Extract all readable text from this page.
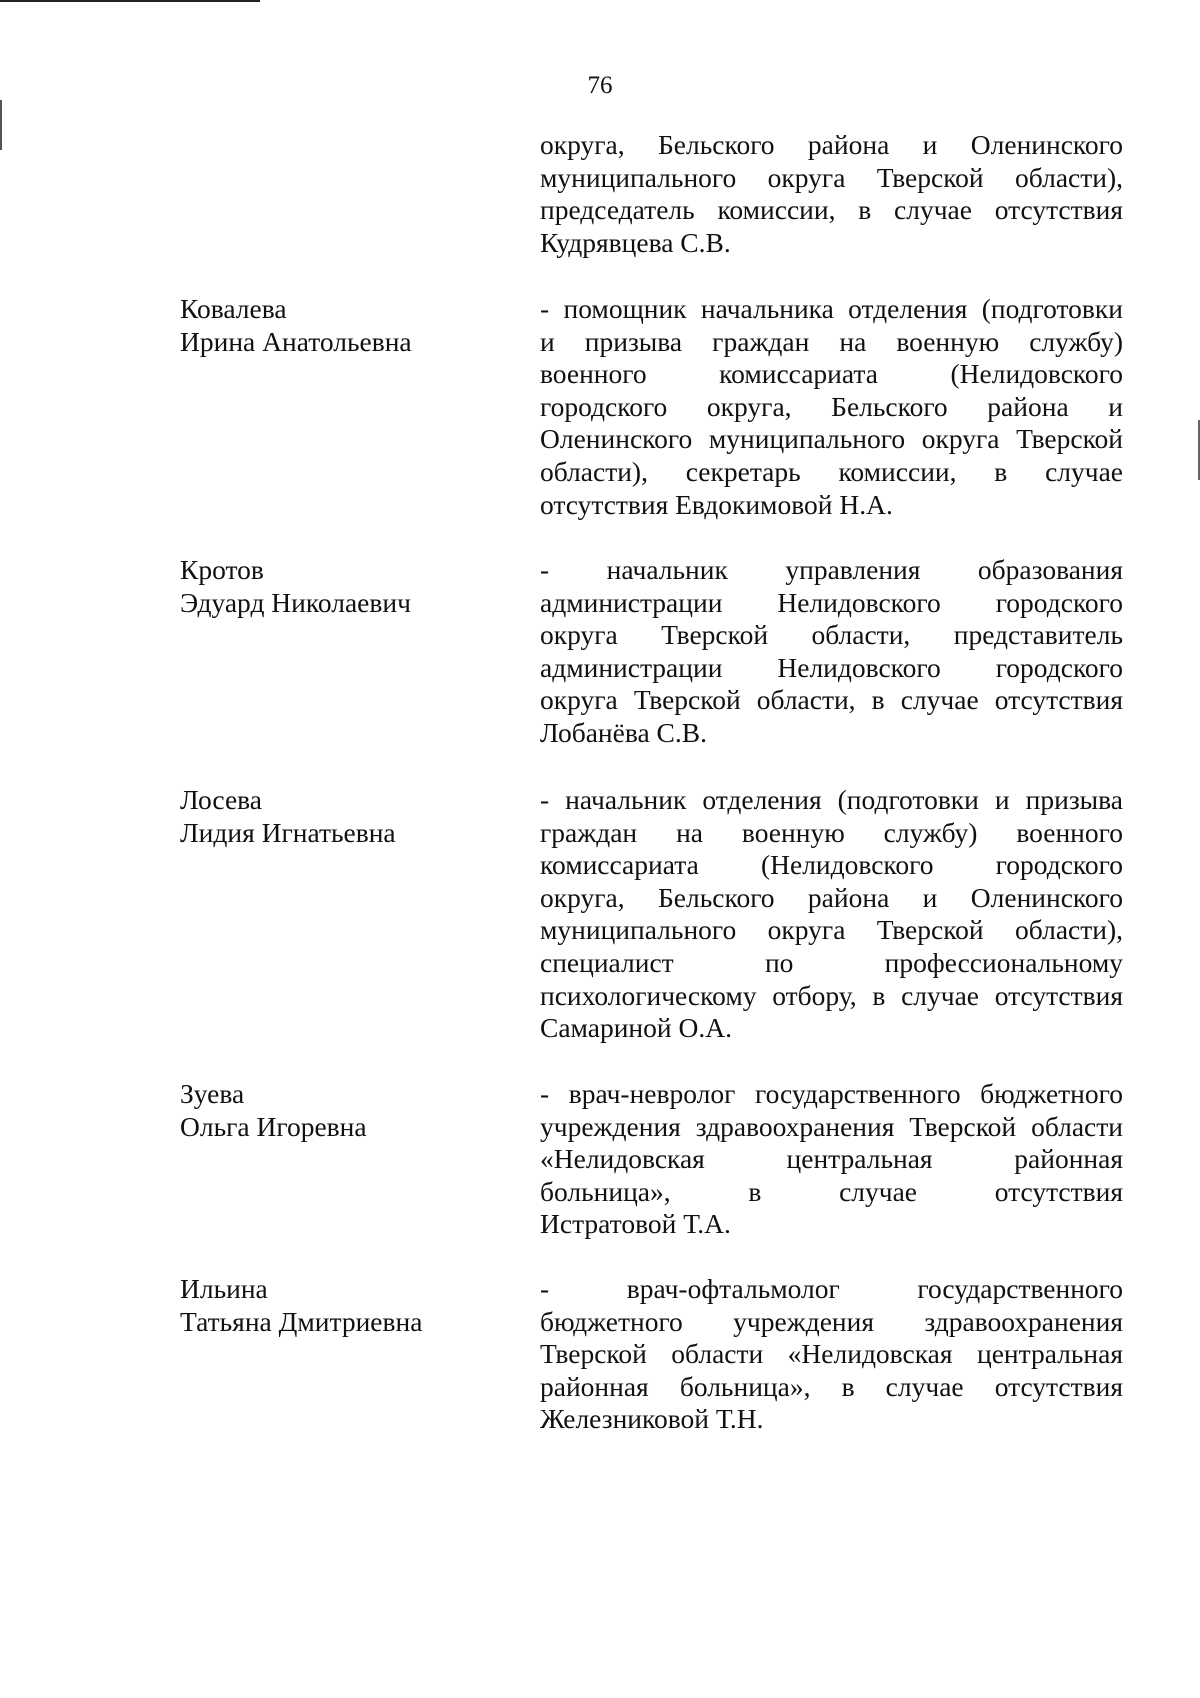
76
округа, Бельского района и Оленинского
муниципального округа Тверской области),
председатель комиссии, в случае отсутствия
Кудрявцева С.В.
Ковалева
Ирина Анатольевна
- помощник начальника отделения (подготовки
и призыва граждан на военную службу)
военного комиссариата (Нелидовского
городского округа, Бельского района и
Оленинского муниципального округа Тверской
области), секретарь комиссии, в случае
отсутствия Евдокимовой Н.А.
Кротов
Эдуард Николаевич
- начальник управления образования
администрации Нелидовского городского
округа Тверской области, представитель
администрации Нелидовского городского
округа Тверской области, в случае отсутствия
Лобанёва С.В.
Лосева
Лидия Игнатьевна
- начальник отделения (подготовки и призыва
граждан на военную службу) военного
комиссариата (Нелидовского городского
округа, Бельского района и Оленинского
муниципального округа Тверской области),
специалист по профессиональному
психологическому отбору, в случае отсутствия
Самариной О.А.
Зуева
Ольга Игоревна
- врач-невролог государственного бюджетного
учреждения здравоохранения Тверской области
«Нелидовская центральная районная
больница», в случае отсутствия
Истратовой Т.А.
Ильина
Татьяна Дмитриевна
- врач-офтальмолог государственного
бюджетного учреждения здравоохранения
Тверской области «Нелидовская центральная
районная больница», в случае отсутствия
Железниковой Т.Н.
